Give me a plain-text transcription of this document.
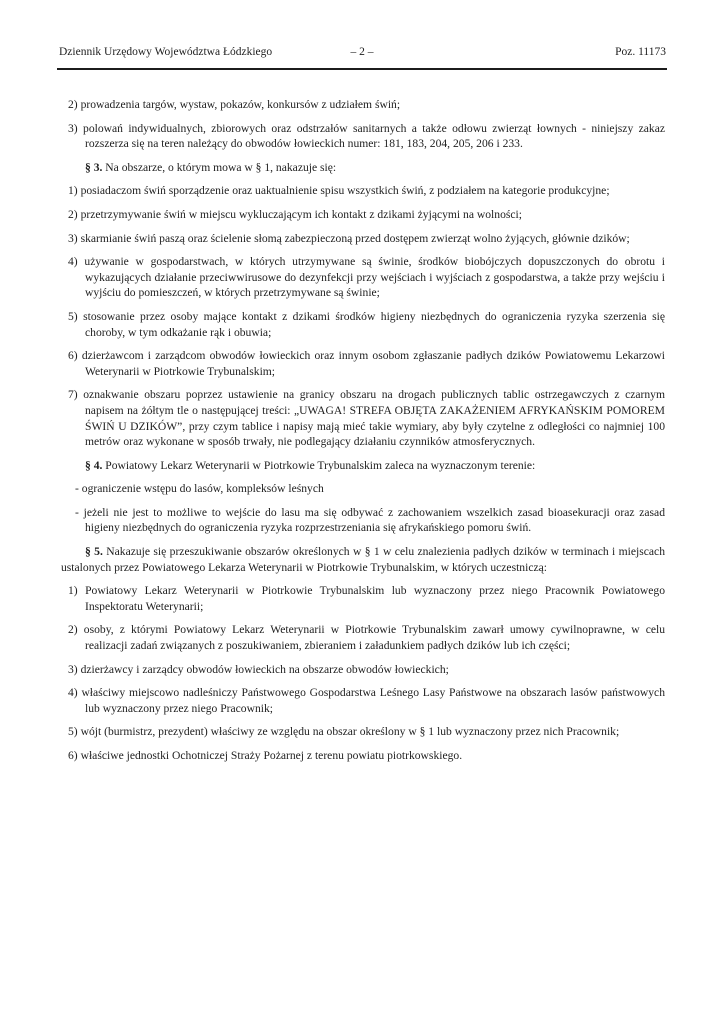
Dziennik Urzędowy Województwa Łódzkiego	– 2 –	Poz. 11173
2) prowadzenia targów, wystaw, pokazów, konkursów z udziałem świń;
3) polowań indywidualnych, zbiorowych oraz odstrzałów sanitarnych a także odłowu zwierząt łownych - niniejszy zakaz rozszerza się na teren należący do obwodów łowieckich numer: 181, 183, 204, 205, 206 i 233.
§ 3. Na obszarze, o którym mowa w § 1, nakazuje się:
1) posiadaczom świń sporządzenie oraz uaktualnienie spisu wszystkich świń, z podziałem na kategorie produkcyjne;
2) przetrzymywanie świń w miejscu wykluczającym ich kontakt z dzikami żyjącymi na wolności;
3) skarmianie świń paszą oraz ścielenie słomą zabezpieczoną przed dostępem zwierząt wolno żyjących, głównie dzików;
4) używanie w gospodarstwach, w których utrzymywane są świnie, środków biobójczych dopuszczonych do obrotu i wykazujących działanie przeciwwirusowe do dezynfekcji przy wejściach i wyjściach z gospodarstwa, a także przy wejściu i wyjściu do pomieszczeń, w których przetrzymywane są świnie;
5) stosowanie przez osoby mające kontakt z dzikami środków higieny niezbędnych do ograniczenia ryzyka szerzenia się choroby, w tym odkażanie rąk i obuwia;
6) dzierżawcom i zarządcom obwodów łowieckich oraz innym osobom zgłaszanie padłych dzików Powiatowemu Lekarzowi Weterynarii w Piotrkowie Trybunalskim;
7) oznakwanie obszaru poprzez ustawienie na granicy obszaru na drogach publicznych tablic ostrzegawczych z czarnym napisem na żółtym tle o następującej treści: „UWAGA! STREFA OBJĘTA ZAKAŻENIEM AFRYKAŃSKIM POMOREM ŚWIŃ U DZIKÓW”, przy czym tablice i napisy mają mieć takie wymiary, aby były czytelne z odległości co najmniej 100 metrów oraz wykonane w sposób trwały, nie podlegający działaniu czynników atmosferycznych.
§ 4. Powiatowy Lekarz Weterynarii w Piotrkowie Trybunalskim zaleca na wyznaczonym terenie:
- ograniczenie wstępu do lasów, kompleksów leśnych
- jeżeli nie jest to możliwe to wejście do lasu ma się odbywać z zachowaniem wszelkich zasad bioasekuracji oraz zasad higieny niezbędnych do ograniczenia ryzyka rozprzestrzeniania się afrykańskiego pomoru świń.
§ 5. Nakazuje się przeszukiwanie obszarów określonych w § 1 w celu znalezienia padłych dzików w terminach i miejscach ustalonych przez Powiatowego Lekarza Weterynarii w Piotrkowie Trybunalskim, w których uczestniczą:
1) Powiatowy Lekarz Weterynarii w Piotrkowie Trybunalskim lub wyznaczony przez niego Pracownik Powiatowego Inspektoratu Weterynarii;
2) osoby, z którymi Powiatowy Lekarz Weterynarii w Piotrkowie Trybunalskim zawarł umowy cywilnoprawne, w celu realizacji zadań związanych z poszukiwaniem, zbieraniem i załadunkiem padłych dzików lub ich części;
3) dzierżawcy i zarządcy obwodów łowieckich na obszarze obwodów łowieckich;
4) właściwy miejscowo nadleśniczy Państwowego Gospodarstwa Leśnego Lasy Państwowe na obszarach lasów państwowych lub wyznaczony przez niego Pracownik;
5) wójt (burmistrz, prezydent) właściwy ze względu na obszar określony w § 1 lub wyznaczony przez nich Pracownik;
6) właściwe jednostki Ochotniczej Straży Pożarnej z terenu powiatu piotrkowskiego.
